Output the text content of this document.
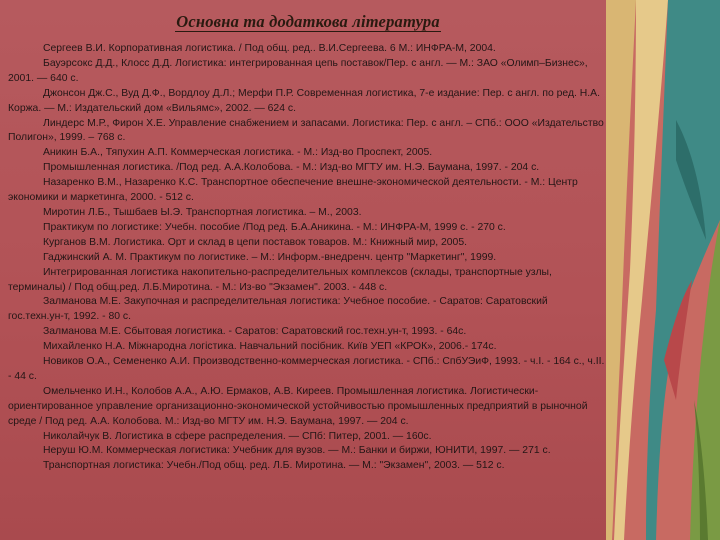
Основна та додаткова література
Сергеев В.И. Корпоративная логистика. / Под общ. ред.. В.И.Сергеева. 6 М.: ИНФРА-М, 2004.
Бауэрсокс Д.Д., Клосс Д.Д. Логистика: интегрированная цепь поставок/Пер. с англ. — М.: ЗАО «Олимп–Бизнес», 2001. — 640 с.
Джонсон Дж.С., Вуд Д.Ф., Вордлоу Д.Л.; Мерфи П.Р. Современная логистика, 7-е издание: Пер. с англ. по ред. Н.А. Коржа. — М.: Издательский дом «Вильямс», 2002. — 624 с.
Линдерс М.Р., Фирон Х.Е. Управление снабжением и запасами. Логистика: Пер. с англ. – СПб.: ООО «Издательство Полигон», 1999. – 768 с.
Аникин Б.А., Тяпухин А.П. Коммерческая логистика. - М.: Изд-во Проспект, 2005.
Промышленная логистика. /Под ред. А.А.Колобова. - М.: Изд-во МГТУ им. Н.Э. Баумана, 1997. - 204 с.
Назаренко В.М., Назаренко К.С. Транспортное обеспечение внешне-экономической деятельности. - М.: Центр экономики и маркетинга, 2000. - 512 с.
Миротин Л.Б., Тышбаев Ы.Э. Транспортная логистика. – М., 2003.
Практикум по логистике: Учебн. пособие /Под ред. Б.А.Аникина. - М.: ИНФРА-М, 1999 с. - 270 с.
Курганов В.М. Логистика. Орт и склад в цепи поставок товаров. М.: Книжный мир, 2005.
Гаджинский А. М. Практикум по логистике. – М.: Информ.-внедренч. центр "Маркетинг", 1999.
Интегрированная логистика накопительно-распределительных комплексов (склады, транспортные узлы, терминалы) / Под общ.ред. Л.Б.Миротина. - М.: Из-во "Экзамен". 2003. - 448 с.
Залманова М.Е. Закупочная и распределительная логистика: Учебное пособие. - Саратов: Саратовский гос.техн.ун-т, 1992. - 80 с.
Залманова М.Е. Сбытовая логистика. - Саратов: Саратовский гос.техн.ун-т, 1993. - 64с.
Михайленко Н.А. Міжнародна логістика. Навчальний посібник. Київ УЕП «КРОК», 2006.- 174с.
Новиков О.А., Семененко А.И. Производственно-коммерческая логистика. - СПб.: СпбУЭиФ, 1993. - ч.I. - 164 с., ч.II. - 44 с.
Омельченко И.Н., Колобов А.А., А.Ю. Ермаков, А.В. Киреев. Промышленная логистика. Логистически-ориентированное управление организационно-экономической устойчивостью промышленных предприятий в рыночной среде / Под ред. А.А. Колобова. М.: Изд-во МГТУ им. Н.Э. Баумана, 1997. — 204 с.
Николайчук В. Логистика в сфере распределения. — СПб: Питер, 2001. — 160с.
Неруш Ю.М. Коммерческая логистика: Учебник для вузов. — М.: Банки и биржи, ЮНИТИ, 1997. — 271 с.
Транспортная логистика: Учебн./Под общ. ред. Л.Б. Миротина. — М.: "Экзамен", 2003. — 512 с.
